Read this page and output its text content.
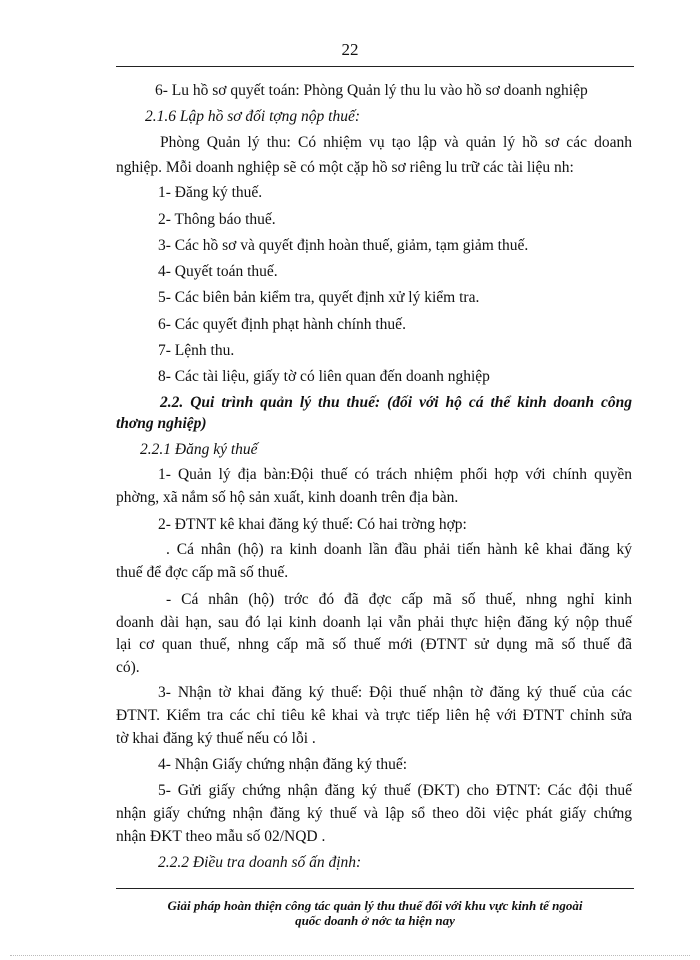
22
6- Lu hồ sơ quyết toán: Phòng Quản lý thu lu vào hồ sơ doanh nghiệp
2.1.6 Lập hồ sơ đối tợng nộp thuế:
Phòng Quản lý thu: Có nhiệm vụ tạo lập và quản lý hồ sơ các doanh
nghiệp. Mỗi doanh nghiệp sẽ có một cặp hồ sơ riêng lu trữ các tài liệu nh:
1- Đăng ký thuế.
2- Thông báo thuế.
3- Các hồ sơ và quyết định hoàn thuế, giảm, tạm giảm thuế.
4- Quyết toán thuế.
5- Các biên bản kiểm tra, quyết định xử lý kiểm tra.
6- Các quyết định phạt hành chính thuế.
7- Lệnh thu.
8- Các tài liệu, giấy tờ có liên quan đến doanh nghiệp
2.2. Qui trình quản lý thu thuế: (đối với hộ cá thể kinh doanh công
thơng nghiệp)
2.2.1 Đăng ký thuế
1- Quản lý địa bàn:Đội thuế có trách nhiệm phối hợp với chính quyền
phờng, xã nắm số hộ sản xuất, kinh doanh trên địa bàn.
2- ĐTNT kê khai đăng ký thuế: Có hai trờng hợp:
. Cá nhân (hộ) ra kinh doanh lần đầu phải tiến hành kê khai đăng ký
thuế để đợc cấp mã số thuế.
- Cá nhân (hộ) trớc đó đã đợc cấp mã số thuế, nhng nghỉ kinh
doanh dài hạn, sau đó lại kinh doanh lại vẫn phải thực hiện đăng ký nộp thuế
lại cơ quan thuế, nhng cấp mã số thuế mới (ĐTNT sử dụng mã số thuế đã
có).
3- Nhận tờ khai đăng ký thuế: Đội thuế nhận tờ đăng ký thuế của các
ĐTNT. Kiểm tra các chỉ tiêu kê khai và trực tiếp liên hệ với ĐTNT chỉnh sửa
tờ khai đăng ký thuế nếu có lỗi .
4- Nhận Giấy chứng nhận đăng ký thuế:
5- Gửi giấy chứng nhận đăng ký thuế (ĐKT) cho ĐTNT: Các đội thuế
nhận giấy chứng nhận đăng ký thuế và lập sổ theo dõi việc phát giấy chứng
nhận ĐKT theo mẫu số 02/NQD .
2.2.2 Điều tra doanh số ấn định:
Giải pháp hoàn thiện công tác quản lý thu thuế đối với khu vực kinh tế ngoài
quốc doanh ở nớc ta hiện nay
